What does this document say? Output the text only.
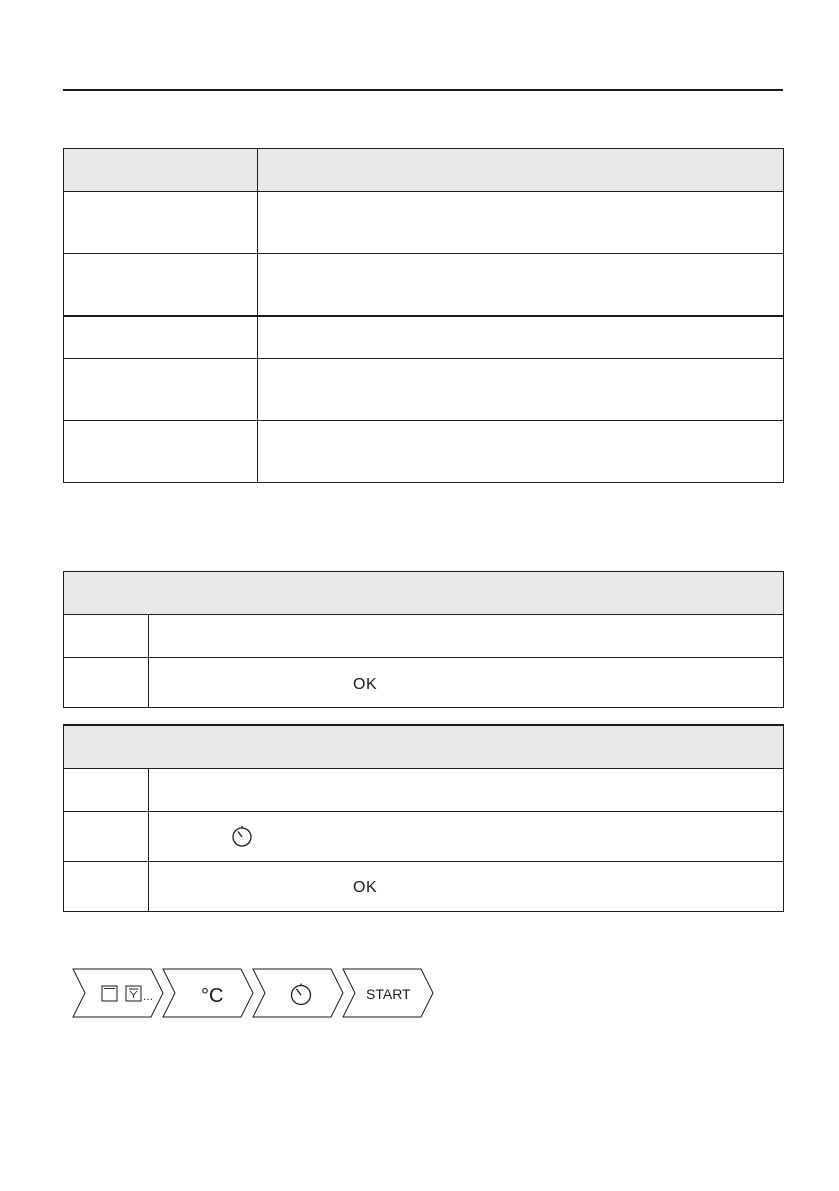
	OK

	OK
... °C	START
